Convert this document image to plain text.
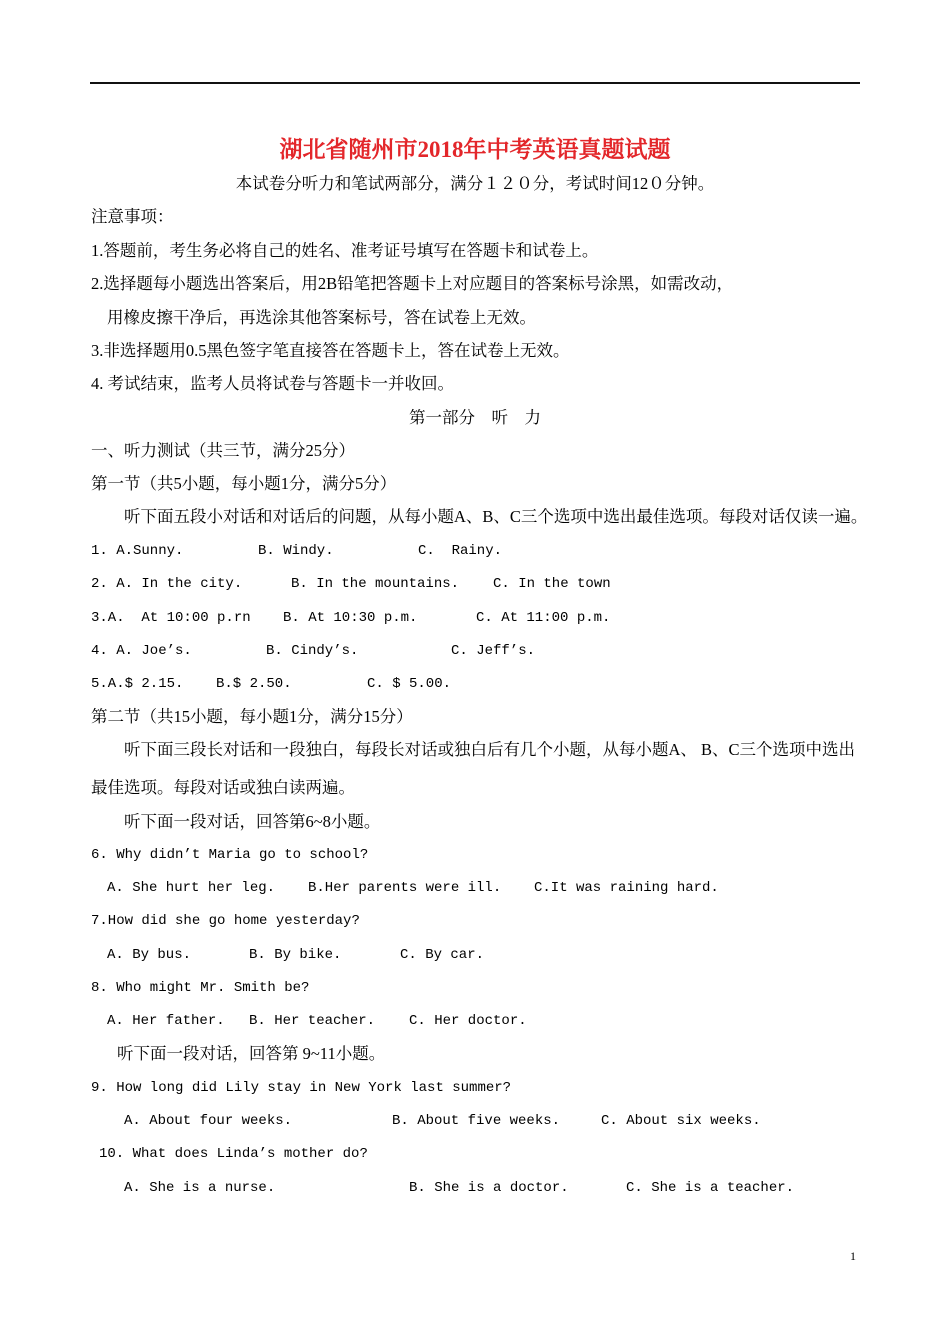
湖北省随州市2018年中考英语真题试题
本试卷分听力和笔试两部分，满分１２０分，考试时间12０分钟。
注意事项：
1.答题前，考生务必将自己的姓名、准考证号填写在答题卡和试卷上。
2.选择题每小题选出答案后，用2B铅笔把答题卡上对应题目的答案标号涂黑，如需改动，
用橡皮擦干净后，再选涂其他答案标号，答在试卷上无效。
3.非选择题用0.5黑色签字笔直接答在答题卡上，答在试卷上无效。
4. 考试结束，监考人员将试卷与答题卡一并收回。
第一部分　听　力
一、听力测试（共三节，满分25分）
第一节（共5小题，每小题1分，满分5分）
听下面五段小对话和对话后的问题，从每小题A、B、C三个选项中选出最佳选项。每段对话仅读一遍。
1. A.Sunny.	B. Windy.	C.  Rainy.
2. A. In the city.	B. In the mountains. C. In the town
3.A.  At 10:00 p.rn B. At 10:30 p.m.	C. At 11:00 p.m.
4. A. Joe’s.	B. Cindy’s.	C. Jeff’s.
5.A.$ 2.15. B.$ 2.50.	C. $ 5.00.
第二节（共15小题，每小题1分，满分15分）
听下面三段长对话和一段独白，每段长对话或独白后有几个小题，从每小题A、 B、C三个选项中选出
最佳选项。每段对话或独白读两遍。
听下面一段对话，回答第6~8小题。
6. Why didn’t Maria go to school?
A. She hurt her leg. B.Her parents were ill. C.It was raining hard.
7.How did she go home yesterday?
A. By bus.	B. By bike.	C. By car.
8. Who might Mr. Smith be?
A. Her father. B. Her teacher. C. Her doctor.
听下面一段对话，回答第 9~11小题。
9. How long did Lily stay in New York last summer?
A. About four weeks.	B. About five weeks.	C. About six weeks.
10. What does Linda’s mother do?
A. She is a nurse.	B. She is a doctor.	C. She is a teacher.
1
